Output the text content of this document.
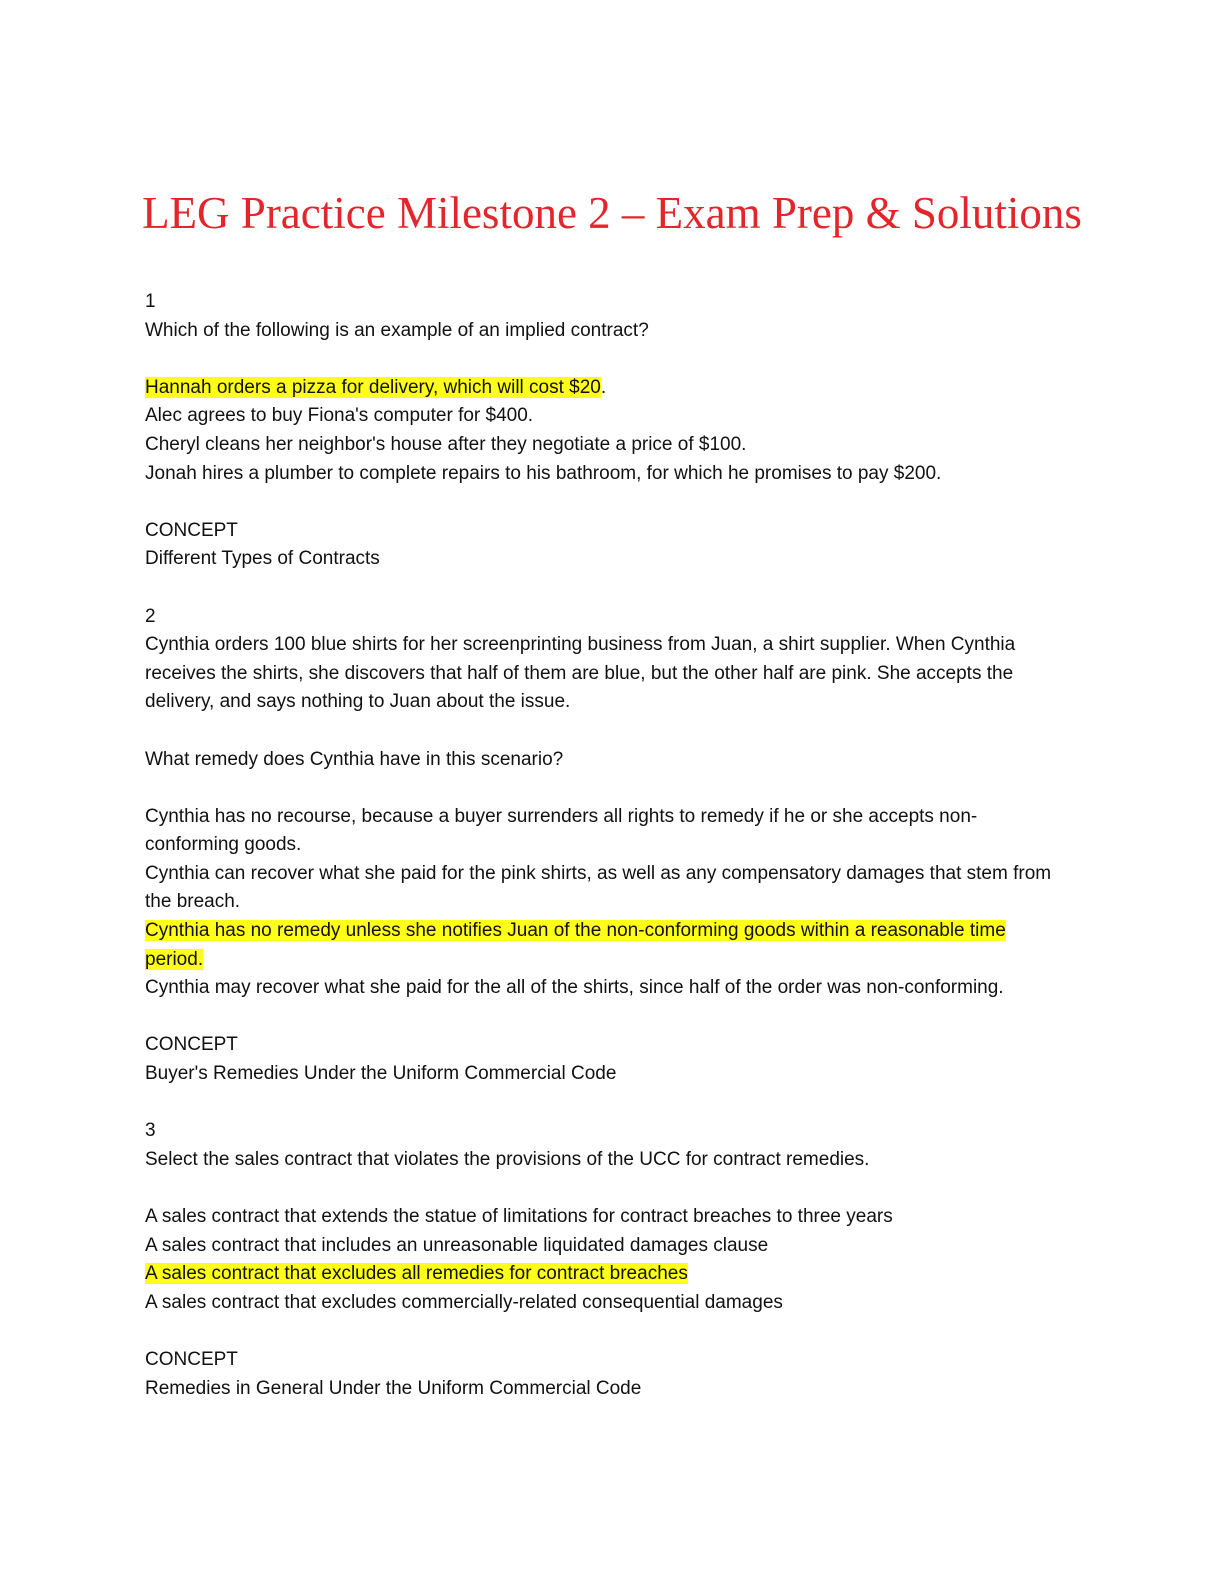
LEG Practice Milestone 2 – Exam Prep & Solutions
1
Which of the following is an example of an implied contract?
Hannah orders a pizza for delivery, which will cost $20.
Alec agrees to buy Fiona's computer for $400.
Cheryl cleans her neighbor's house after they negotiate a price of $100.
Jonah hires a plumber to complete repairs to his bathroom, for which he promises to pay $200.
CONCEPT
Different Types of Contracts
2
Cynthia orders 100 blue shirts for her screenprinting business from Juan, a shirt supplier. When Cynthia receives the shirts, she discovers that half of them are blue, but the other half are pink. She accepts the delivery, and says nothing to Juan about the issue.
What remedy does Cynthia have in this scenario?
Cynthia has no recourse, because a buyer surrenders all rights to remedy if he or she accepts non-conforming goods.
Cynthia can recover what she paid for the pink shirts, as well as any compensatory damages that stem from the breach.
Cynthia has no remedy unless she notifies Juan of the non-conforming goods within a reasonable time period.
Cynthia may recover what she paid for the all of the shirts, since half of the order was non-conforming.
CONCEPT
Buyer's Remedies Under the Uniform Commercial Code
3
Select the sales contract that violates the provisions of the UCC for contract remedies.
A sales contract that extends the statue of limitations for contract breaches to three years
A sales contract that includes an unreasonable liquidated damages clause
A sales contract that excludes all remedies for contract breaches
A sales contract that excludes commercially-related consequential damages
CONCEPT
Remedies in General Under the Uniform Commercial Code
